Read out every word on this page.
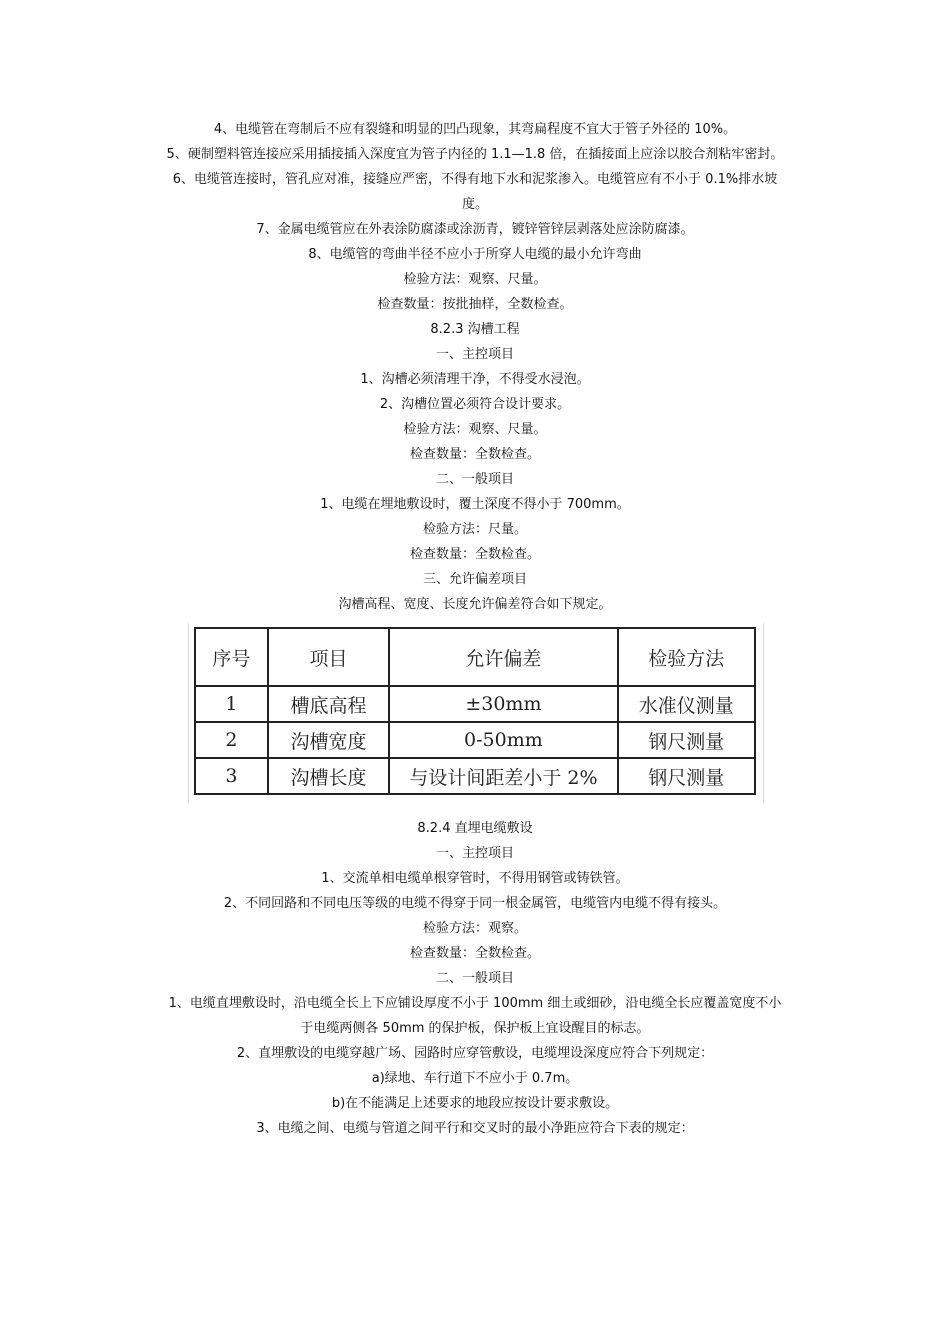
4、电缆管在弯制后不应有裂缝和明显的凹凸现象，其弯扁程度不宜大于管子外径的 10%。
5、硬制塑料管连接应采用插接插入深度宜为管子内径的 1.1—1.8 倍，在插接面上应涂以胶合剂粘牢密封。
6、电缆管连接时，管孔应对准，接缝应严密，不得有地下水和泥浆渗入。电缆管应有不小于 0.1%排水坡
度。
7、金属电缆管应在外表涂防腐漆或涂沥青，镀锌管锌层剥落处应涂防腐漆。
8、电缆管的弯曲半径不应小于所穿人电缆的最小允许弯曲
检验方法：观察、尺量。
检查数量：按批抽样，全数检查。
8.2.3 沟槽工程
一、主控项目
1、沟槽必须清理干净，不得受水浸泡。
2、沟槽位置必须符合设计要求。
检验方法：观察、尺量。
检查数量：全数检查。
二、一般项目
1、电缆在埋地敷设时，覆土深度不得小于 700mm。
检验方法：尺量。
检查数量：全数检查。
三、允许偏差项目
沟槽高程、宽度、长度允许偏差符合如下规定。
序号	项目	允许偏差	检验方法
1	槽底高程	±30mm	水准仪测量
2	沟槽宽度	0-50mm	钢尺测量
3	沟槽长度	与设计间距差小于 2%	钢尺测量
8.2.4 直埋电缆敷设
一、主控项目
1、交流单相电缆单根穿管时，不得用钢管或铸铁管。
2、不同回路和不同电压等级的电缆不得穿于同一根金属管，电缆管内电缆不得有接头。
检验方法：观察。
检查数量：全数检查。
二、一般项目
1、电缆直埋敷设时，沿电缆全长上下应铺设厚度不小于 100mm 细土或细砂，沿电缆全长应覆盖宽度不小
于电缆两侧各 50mm 的保护板，保护板上宜设醒目的标志。
2、直埋敷设的电缆穿越广场、园路时应穿管敷设，电缆埋设深度应符合下列规定：
a)绿地、车行道下不应小于 0.7m。
b)在不能满足上述要求的地段应按设计要求敷设。
3、电缆之间、电缆与管道之间平行和交叉时的最小净距应符合下表的规定：
